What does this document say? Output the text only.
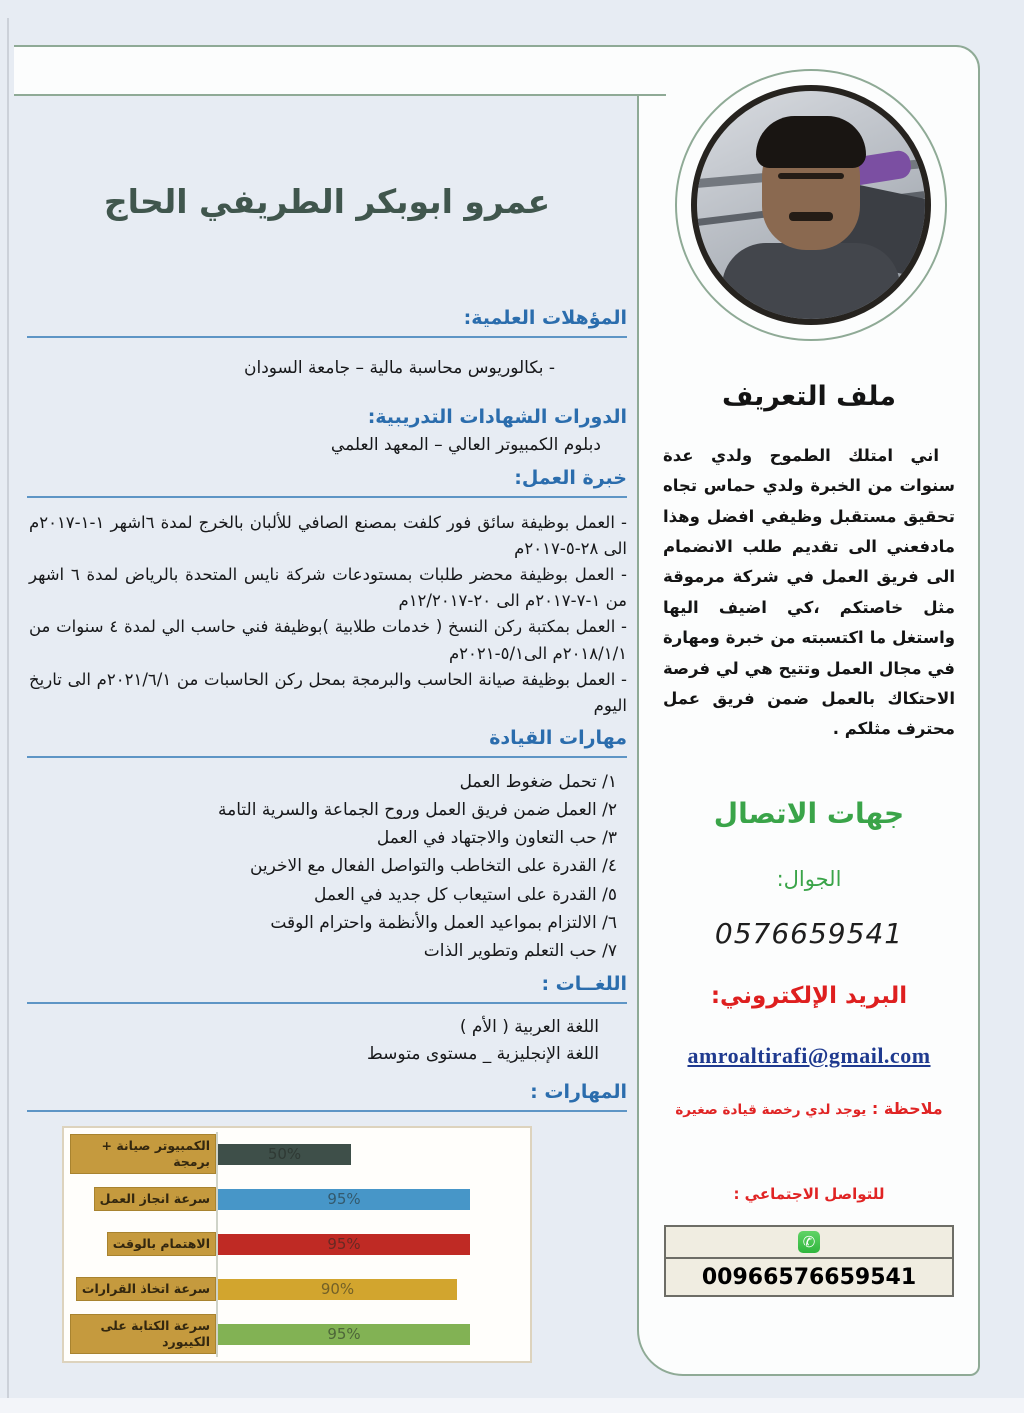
عمرو ابوبكر الطريفي الحاج
المؤهلات العلمية:
- بكالوريوس محاسبة مالية – جامعة السودان
الدورات الشهادات التدريبية:
دبلوم الكمبيوتر العالي – المعهد العلمي
خبرة العمل:
- العمل بوظيفة سائق فور كلفت بمصنع الصافي للألبان بالخرج لمدة ٦اشهر ١-١-٢٠١٧م الى ٢٨-٥-٢٠١٧م
- العمل بوظيفة محضر طلبات بمستودعات شركة نايس المتحدة بالرياض لمدة ٦ اشهر من ١-٧-٢٠١٧م الى ٢٠-١٢/٢٠١٧م
- العمل بمكتبة ركن النسخ ( خدمات طلابية )بوظيفة فني حاسب الي لمدة ٤ سنوات من ٢٠١٨/١/١م الى٥/١-٢٠٢١م
- العمل بوظيفة صيانة الحاسب والبرمجة بمحل ركن الحاسبات من ٢٠٢١/٦/١م الى تاريخ اليوم
مهارات القيادة
١/ تحمل ضغوط العمل
٢/ العمل ضمن فريق العمل وروح الجماعة والسرية التامة
٣/ حب التعاون والاجتهاد في العمل
٤/ القدرة على التخاطب والتواصل الفعال مع الاخرين
٥/ القدرة على استيعاب كل جديد في العمل
٦/ الالتزام بمواعيد العمل والأنظمة واحترام الوقت
٧/ حب التعلم وتطوير الذات
اللغــات :
اللغة العربية ( الأم )
اللغة الإنجليزية _ مستوى متوسط
المهارات :
الكمبيوتر صيانة + برمجة	50%
سرعة انجاز العمل	95%
الاهتمام بالوقت	95%
سرعة اتخاذ القرارات	90%
سرعة الكتابة على الكيبورد	95%
ملف التعريف
اني امتلك الطموح ولدي عدة سنوات من الخبرة ولدي حماس تجاه تحقيق مستقبل وظيفي افضل وهذا مادفعني الى تقديم طلب الانضمام الى فريق العمل في شركة مرموقة مثل خاصتكم ،كي اضيف اليها واستغل ما اكتسبته من خبرة ومهارة في مجال العمل وتتيح هي لي فرصة الاحتكاك بالعمل ضمن فريق عمل محترف مثلكم .
جهات الاتصال
الجوال:
0576659541
البريد الإلكتروني:
amroaltirafi@gmail.com
ملاحظة : يوجد لدي رخصة قيادة صغيرة
للتواصل الاجتماعي :
✆
00966576659541
